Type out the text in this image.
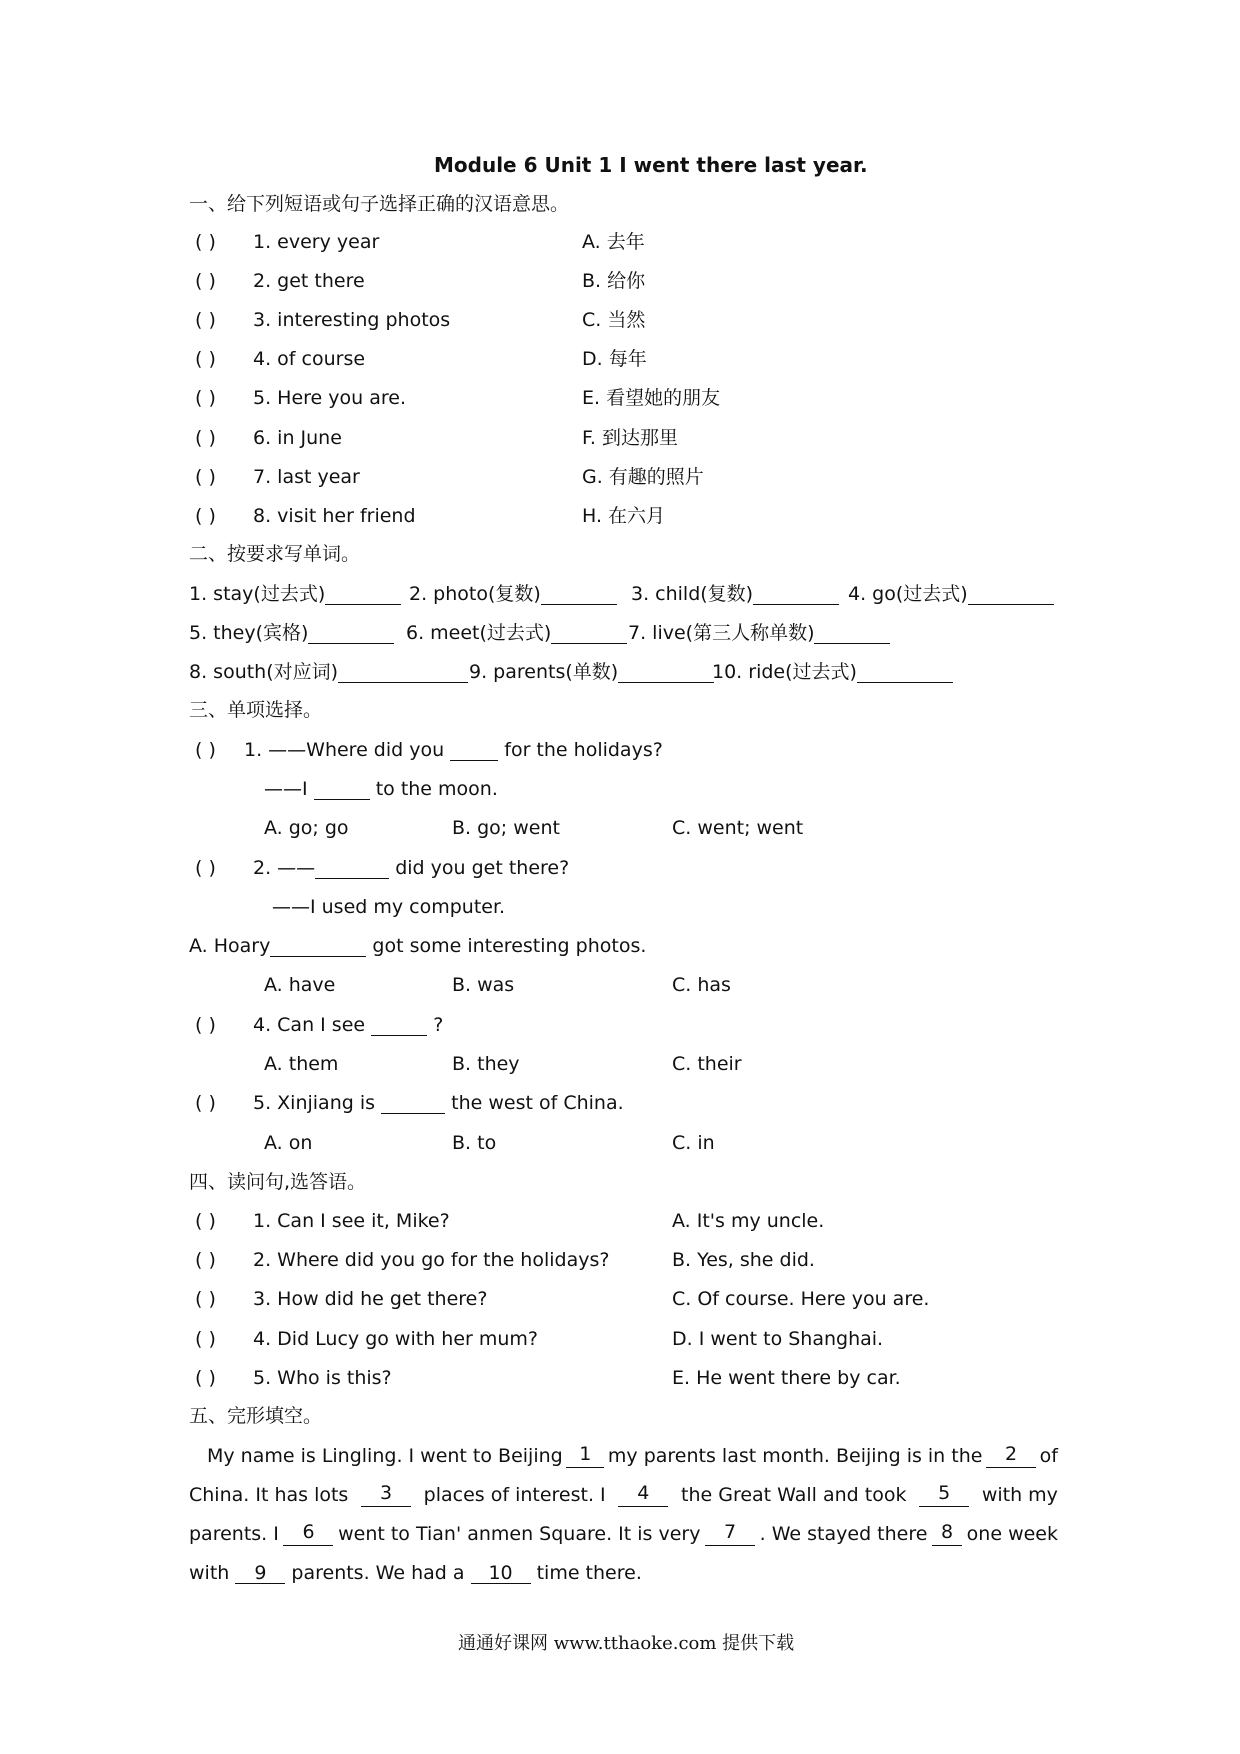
Module 6 Unit 1 I went there last year.
一、给下列短语或句子选择正确的汉语意思。
( ) 1. every year	A. 去年
( ) 2. get there	B. 给你
( ) 3. interesting photos	C. 当然
( ) 4. of course	D. 每年
( ) 5. Here you are.	E. 看望她的朋友
( ) 6. in June	F. 到达那里
( ) 7. last year	G. 有趣的照片
( ) 8. visit her friend	H. 在六月
二、按要求写单词。
1. stay(过去式)	2. photo(复数)	3. child(复数)	4. go(过去式)
5. they(宾格)	6. meet(过去式)	7. live(第三人称单数)
8. south(对应词)	9. parents(单数)	10. ride(过去式)
三、单项选择。
( ) 1. ——Where did you	for the holidays?
——I	to the moon.
A. go; go	B. go; went	C. went; went
( ) 2. ——	did you get there?
——I used my computer.
A. Hoary	got some interesting photos.
A. have	B. was	C. has
( ) 4. Can I see	?
A. them	B. they	C. their
( ) 5. Xinjiang is	the west of China.
A. on	B. to	C. in
四、读问句,选答语。
( ) 1. Can I see it, Mike?	A. It's my uncle.
( ) 2. Where did you go for the holidays?	B. Yes, she did.
( ) 3. How did he get there?	C. Of course. Here you are.
( ) 4. Did Lucy go with her mum?	D. I went to Shanghai.
( ) 5. Who is this?	E. He went there by car.
五、完形填空。
My name is Lingling. I went to Beijing 1 my parents last month. Beijing is in the	2	of
China. It has lots	3	places of interest. I	4	the Great Wall and took	5	with my
parents. I	6	went to Tian' anmen Square. It is very	7	. We stayed there 8 one week
with 9 parents. We had a 10 time there.
通通好课网 www.tthaoke.com 提供下载
